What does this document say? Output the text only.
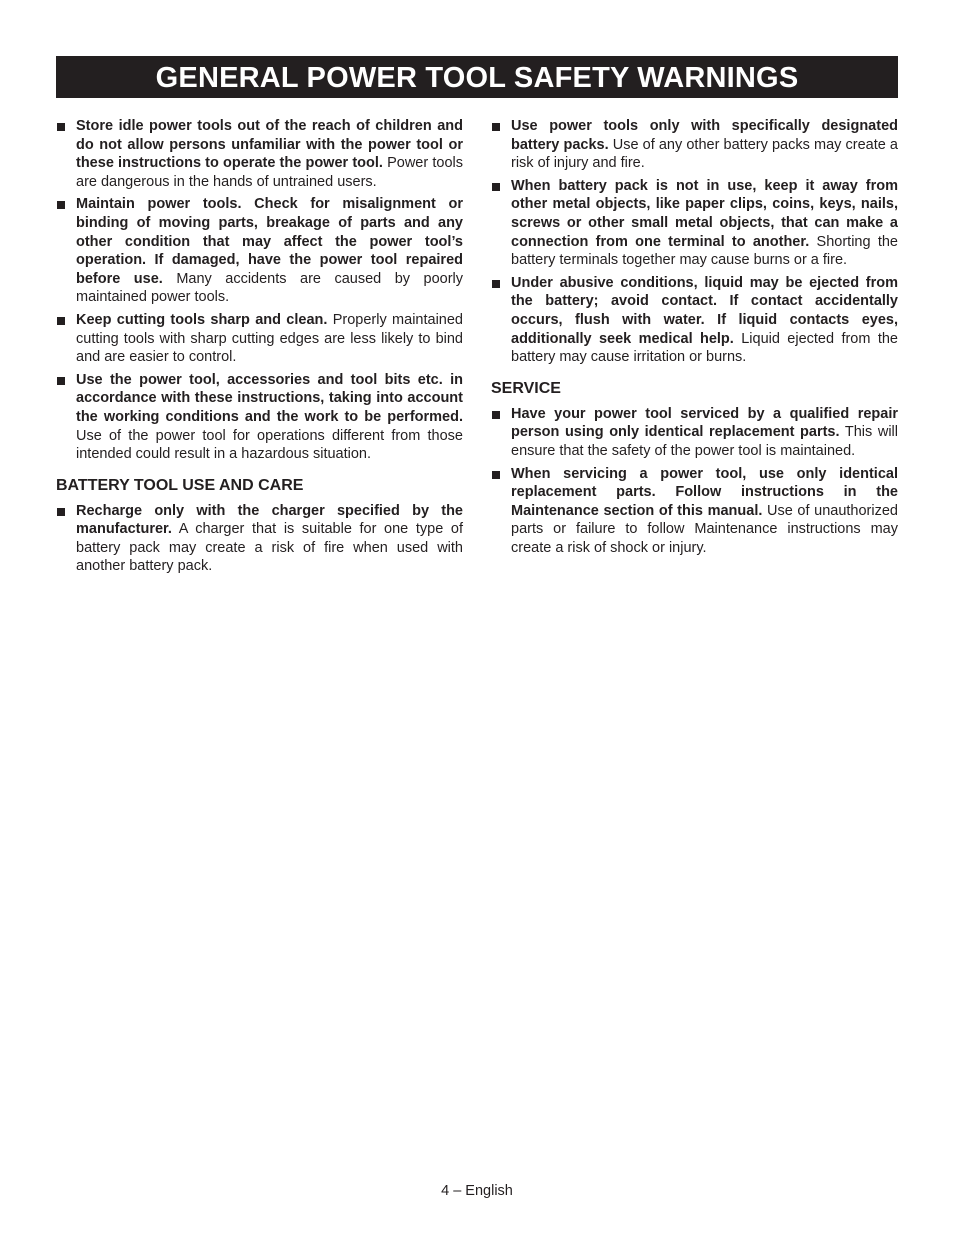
GENERAL POWER TOOL SAFETY WARNINGS

Store idle power tools out of the reach of children and do not allow persons unfamiliar with the power tool or these instructions to operate the power tool. Power tools are dangerous in the hands of untrained users.

Maintain power tools. Check for misalignment or binding of moving parts, breakage of parts and any other condition that may affect the power tool’s operation. If damaged, have the power tool repaired before use. Many accidents are caused by poorly maintained power tools.

Keep cutting tools sharp and clean. Properly maintained cutting tools with sharp cutting edges are less likely to bind and are easier to control.

Use the power tool, accessories and tool bits etc. in accordance with these instructions, taking into account the working conditions and the work to be performed. Use of the power tool for operations different from those intended could result in a hazardous situation.

BATTERY TOOL USE AND CARE

Recharge only with the charger specified by the manufacturer. A charger that is suitable for one type of battery pack may create a risk of fire when used with another battery pack.

Use power tools only with specifically designated battery packs. Use of any other battery packs may create a risk of injury and fire.

When battery pack is not in use, keep it away from other metal objects, like paper clips, coins, keys, nails, screws or other small metal objects, that can make a connection from one terminal to another. Shorting the battery terminals together may cause burns or a fire.

Under abusive conditions, liquid may be ejected from the battery; avoid contact. If contact accidentally occurs, flush with water. If liquid contacts eyes, additionally seek medical help. Liquid ejected from the battery may cause irritation or burns.

SERVICE

Have your power tool serviced by a qualified repair person using only identical replacement parts. This will ensure that the safety of the power tool is maintained.

When servicing a power tool, use only identical replacement parts. Follow instructions in the Maintenance section of this manual. Use of unauthorized parts or failure to follow Maintenance instructions may create a risk of shock or injury.

4 – English
